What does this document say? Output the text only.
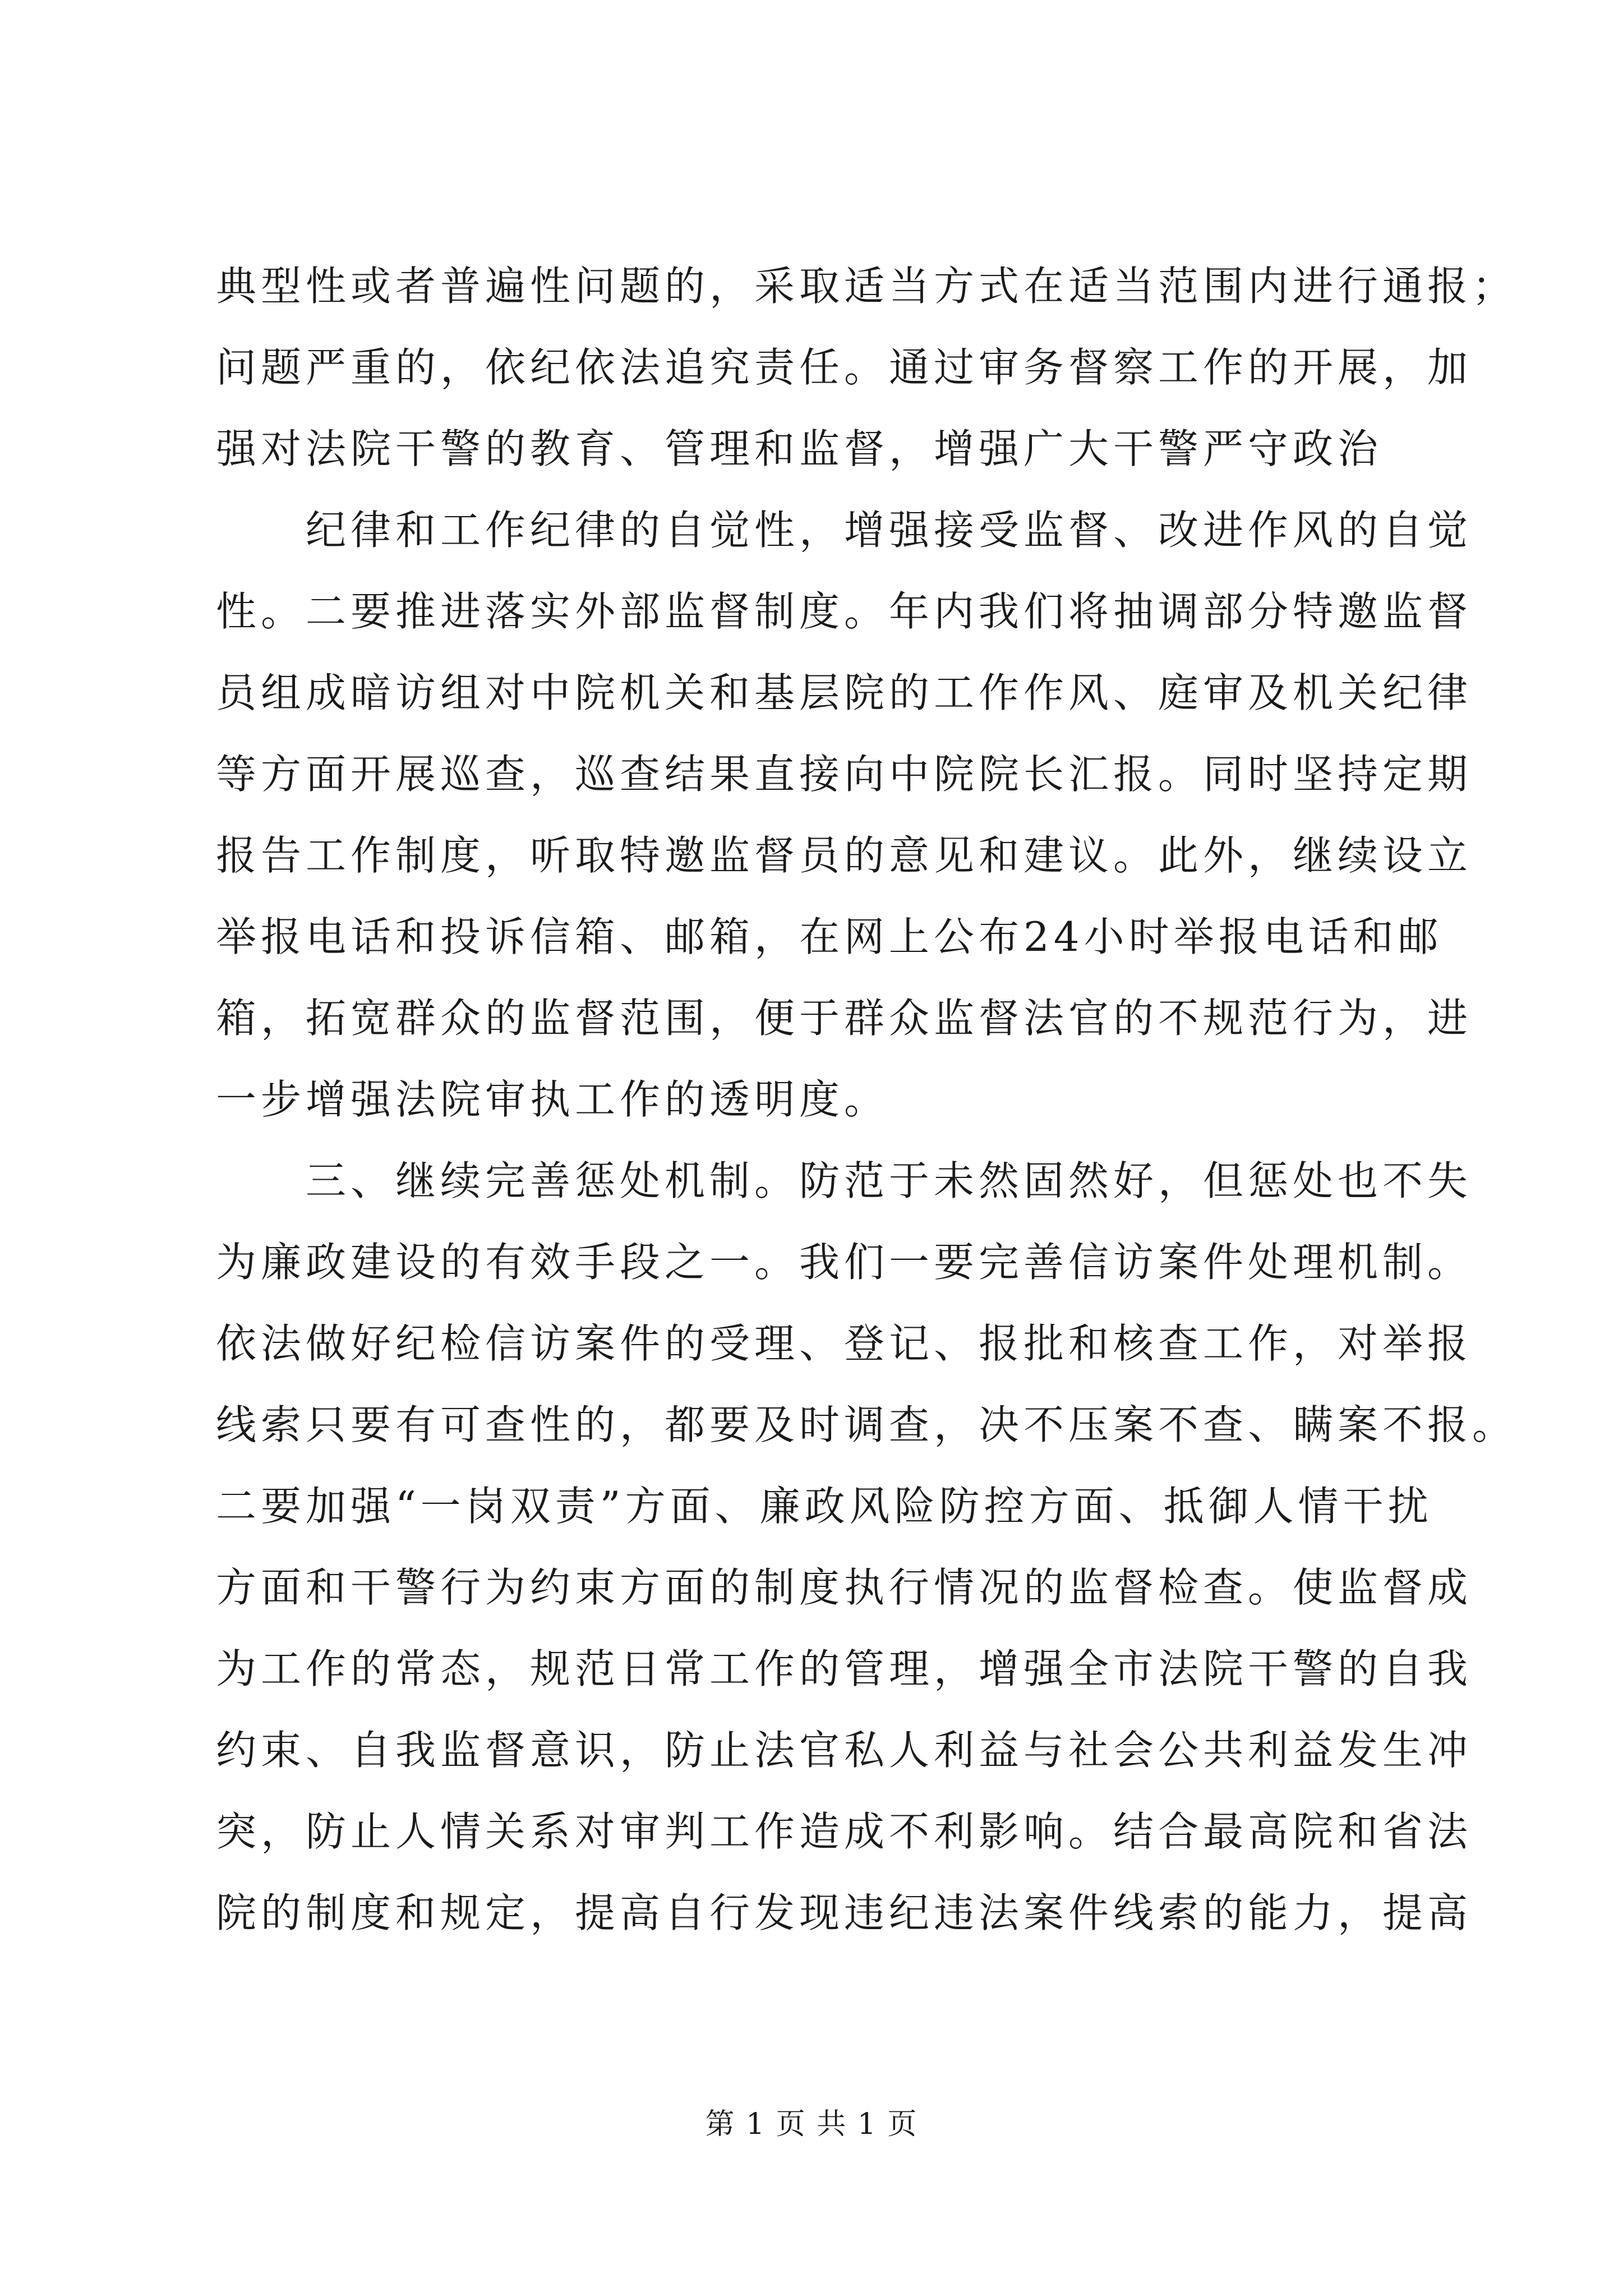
典型性或者普遍性问题的，采取适当方式在适当范围内进行通报；
问题严重的，依纪依法追究责任。通过审务督察工作的开展，加
强对法院干警的教育、管理和监督，增强广大干警严守政治
纪律和工作纪律的自觉性，增强接受监督、改进作风的自觉
性。二要推进落实外部监督制度。年内我们将抽调部分特邀监督
员组成暗访组对中院机关和基层院的工作作风、庭审及机关纪律
等方面开展巡查，巡查结果直接向中院院长汇报。同时坚持定期
报告工作制度，听取特邀监督员的意见和建议。此外，继续设立
举报电话和投诉信箱、邮箱，在网上公布24小时举报电话和邮
箱，拓宽群众的监督范围，便于群众监督法官的不规范行为，进
一步增强法院审执工作的透明度。
三、继续完善惩处机制。防范于未然固然好，但惩处也不失
为廉政建设的有效手段之一。我们一要完善信访案件处理机制。
依法做好纪检信访案件的受理、登记、报批和核查工作，对举报
线索只要有可查性的，都要及时调查，决不压案不查、瞒案不报。
二要加强“一岗双责”方面、廉政风险防控方面、抵御人情干扰
方面和干警行为约束方面的制度执行情况的监督检查。使监督成
为工作的常态，规范日常工作的管理，增强全市法院干警的自我
约束、自我监督意识，防止法官私人利益与社会公共利益发生冲
突，防止人情关系对审判工作造成不利影响。结合最高院和省法
院的制度和规定，提高自行发现违纪违法案件线索的能力，提高
第 1 页 共 1 页
